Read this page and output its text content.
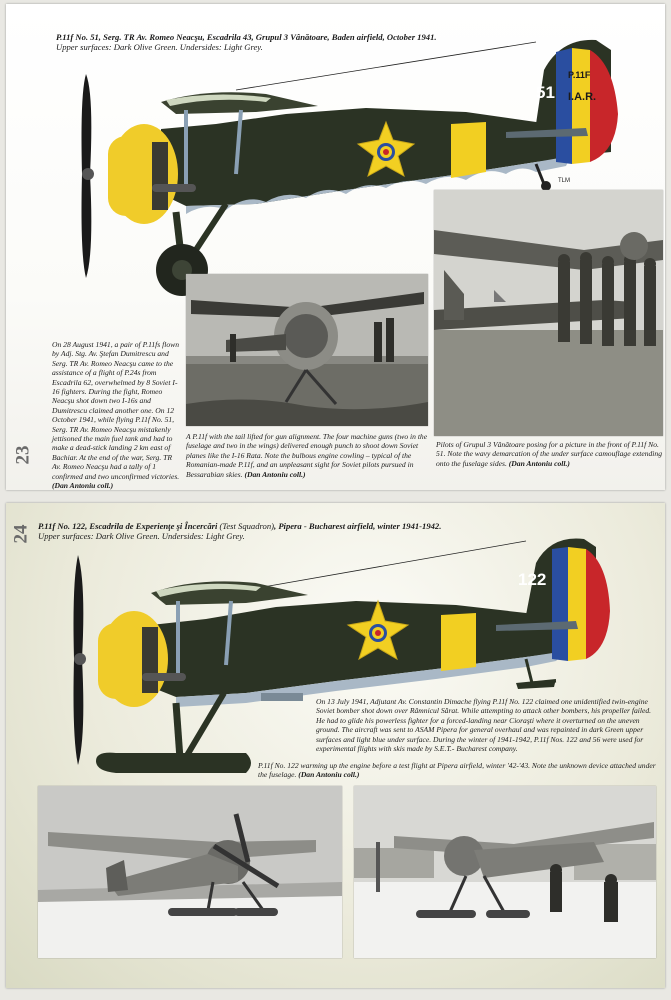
P.11f No. 51, Serg. TR Av. Romeo Neacşu, Escadrila 43, Grupul 3 Vânătoare, Baden airfield, October 1941.
Upper surfaces: Dark Olive Green. Undersides: Light Grey.
51
P.11F
I.A.R.
TLM

On 28 August 1941, a pair of P.11fs flown by Adj. Stg. Av. Ştefan Dumitrescu and Serg. TR Av. Romeo Neacşu came to the assistance of a flight of P.24s from Escadrila 62, overwhelmed by 8 Soviet I-16 fighters. During the fight, Romeo Neacşu shot down two I-16s and Dumitrescu claimed another one. On 12 October 1941, while flying P.11f No. 51, Serg. TR Av. Romeo Neacşu mistakenly jettisoned the main fuel tank and had to make a dead-stick landing 2 km east of Bachiar. At the end of the war, Serg. TR Av. Romeo Neacşu had a tally of 1 confirmed and two unconfirmed victories. (Dan Antoniu coll.)

A P.11f with the tail lifted for gun alignment. The four machine guns (two in the fuselage and two in the wings) delivered enough punch to shoot down Soviet planes like the I-16 Rata. Note the bulbous engine cowling – typical of the Romanian-made P.11f, and an unpleasant sight for Soviet pilots pursued in Bessarabian skies. (Dan Antoniu coll.)

Pilots of Grupul 3 Vânătoare posing for a picture in the front of P.11f No. 51. Note the wavy demarcation of the under surface camouflage extending onto the fuselage sides. (Dan Antoniu coll.)

23
24 P.11f No. 122, Escadrila de Experienţe şi Încercări (Test Squadron), Pipera - Bucharest airfield, winter 1941-1942.
Upper surfaces: Dark Olive Green. Undersides: Light Grey.
122

On 13 July 1941, Adjutant Av. Constantin Dimache flying P.11f No. 122 claimed one unidentified twin-engine Soviet bomber shot down over Râmnicul Sărat. While attempting to attack other bombers, his propeller failed. He had to glide his powerless fighter for a forced-landing near Cioraşti where it overturned on the uneven ground. The aircraft was sent to ASAM Pipera for general overhaul and was repainted in dark Green upper surfaces and light blue under surface. During the winter of 1941-1942, P.11f Nos. 122 and 56 were used for experimental flights with skis made by S.E.T.- Bucharest company.

P.11f No. 122 warming up the engine before a test flight at Pipera airfield, winter '42-'43. Note the unknown device attached under the fuselage. (Dan Antoniu coll.)
